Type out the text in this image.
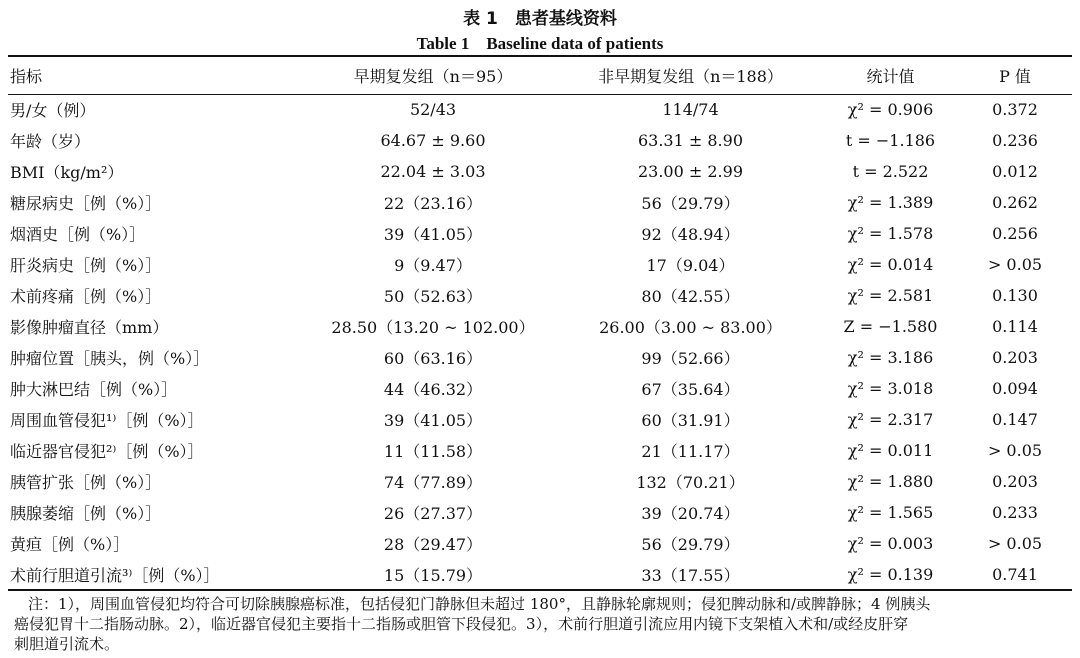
表 1　患者基线资料
Table 1　Baseline data of patients
指标	早期复发组（n＝95）	非早期复发组（n＝188）	统计值	P 值
男/女（例）	52/43	114/74	χ² = 0.906	0.372
年龄（岁）	64.67 ± 9.60	63.31 ± 8.90	t = −1.186	0.236
BMI（kg/m²）	22.04 ± 3.03	23.00 ± 2.99	t = 2.522	0.012
糖尿病史［例（%）］	22（23.16）	56（29.79）	χ² = 1.389	0.262
烟酒史［例（%）］	39（41.05）	92（48.94）	χ² = 1.578	0.256
肝炎病史［例（%）］	9（9.47）	17（9.04）	χ² = 0.014	> 0.05
术前疼痛［例（%）］	50（52.63）	80（42.55）	χ² = 2.581	0.130
影像肿瘤直径（mm）	28.50（13.20 ~ 102.00）	26.00（3.00 ~ 83.00）	Z = −1.580	0.114
肿瘤位置［胰头，例（%）］	60（63.16）	99（52.66）	χ² = 3.186	0.203
肿大淋巴结［例（%）］	44（46.32）	67（35.64）	χ² = 3.018	0.094
周围血管侵犯¹⁾［例（%）］	39（41.05）	60（31.91）	χ² = 2.317	0.147
临近器官侵犯²⁾［例（%）］	11（11.58）	21（11.17）	χ² = 0.011	> 0.05
胰管扩张［例（%）］	74（77.89）	132（70.21）	χ² = 1.880	0.203
胰腺萎缩［例（%）］	26（27.37）	39（20.74）	χ² = 1.565	0.233
黄疸［例（%）］	28（29.47）	56（29.79）	χ² = 0.003	> 0.05
术前行胆道引流³⁾［例（%）］	15（15.79）	33（17.55）	χ² = 0.139	0.741
注：1），周围血管侵犯均符合可切除胰腺癌标准，包括侵犯门静脉但未超过 180°，且静脉轮廓规则；侵犯脾动脉和/或脾静脉；4 例胰头
癌侵犯胃十二指肠动脉。2），临近器官侵犯主要指十二指肠或胆管下段侵犯。3），术前行胆道引流应用内镜下支架植入术和/或经皮肝穿
刺胆道引流术。
